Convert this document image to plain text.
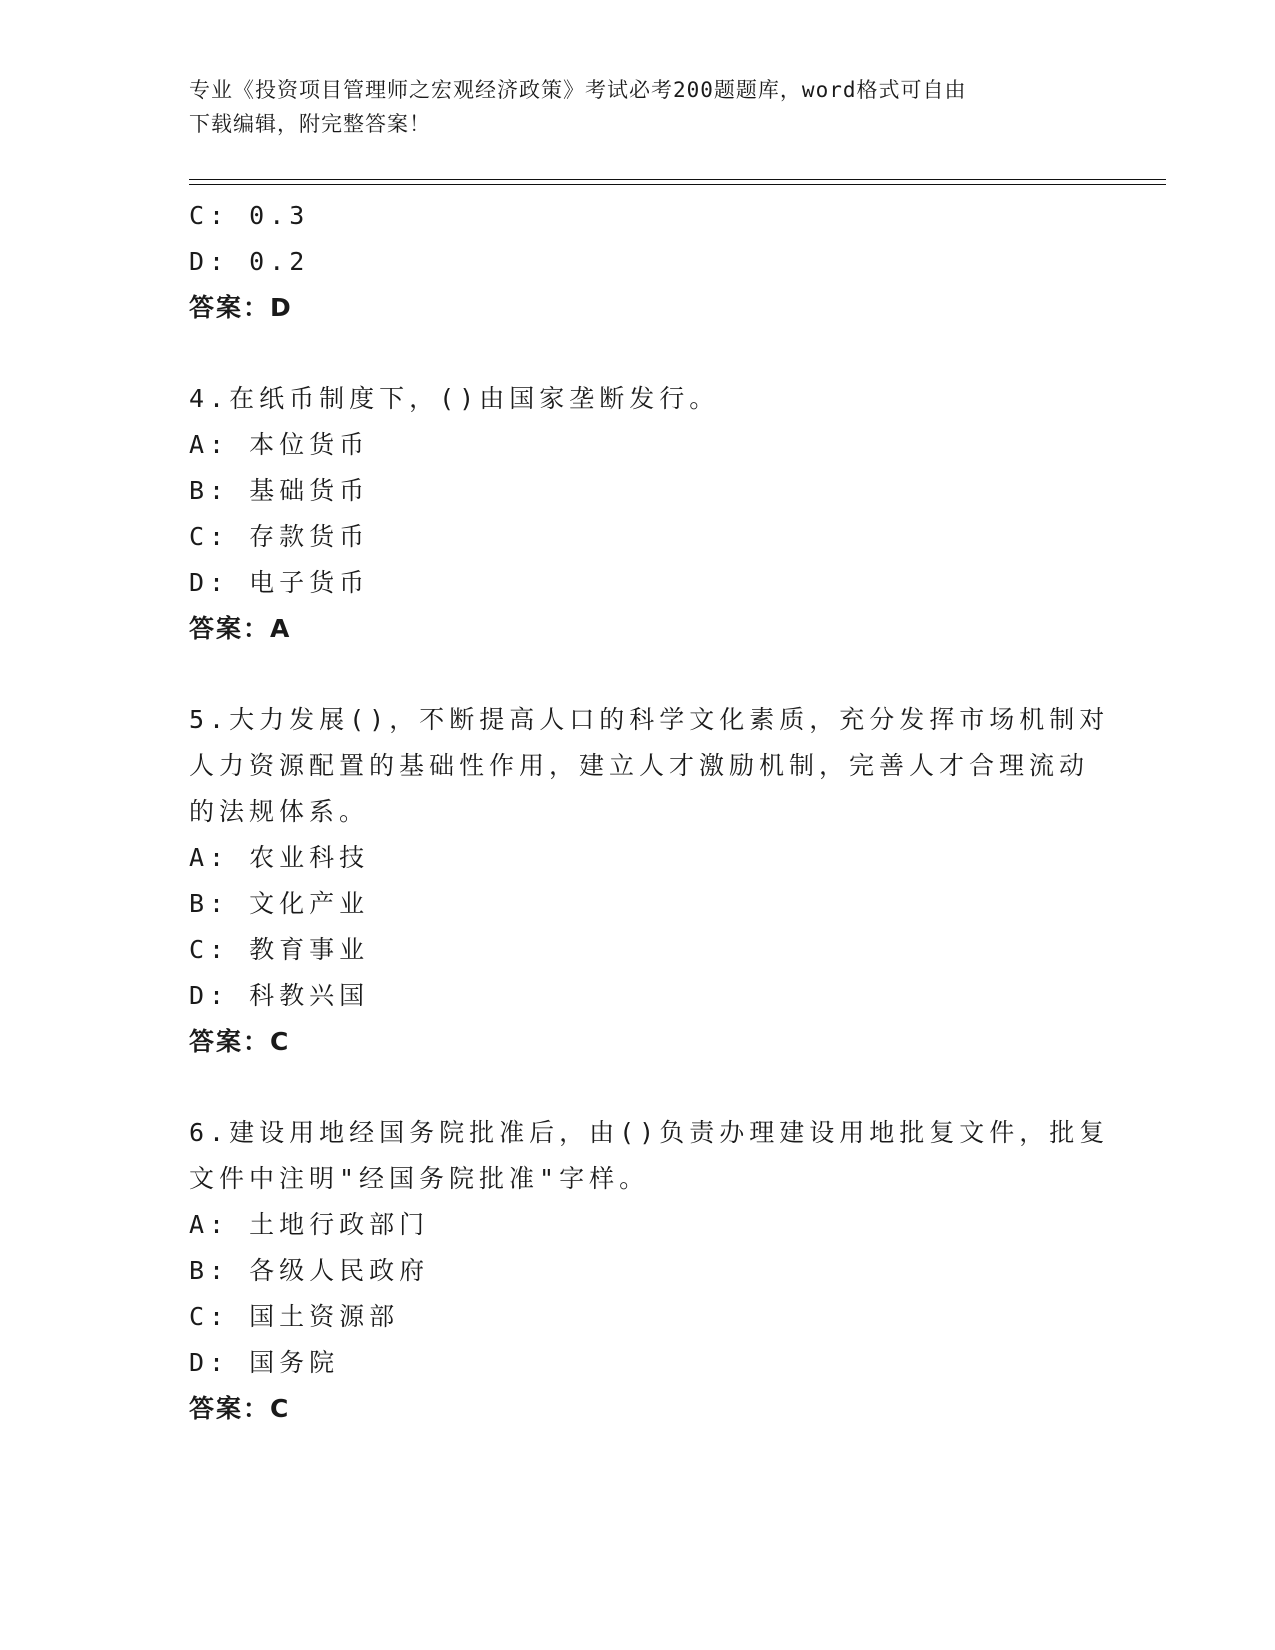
专业《投资项目管理师之宏观经济政策》考试必考200题题库，word格式可自由
下载编辑，附完整答案！
C: 0.3
D: 0.2
答案：D
4.在纸币制度下，()由国家垄断发行。
A: 本位货币
B: 基础货币
C: 存款货币
D: 电子货币
答案：A
5.大力发展()，不断提高人口的科学文化素质，充分发挥市场机制对
人力资源配置的基础性作用，建立人才激励机制，完善人才合理流动
的法规体系。
A: 农业科技
B: 文化产业
C: 教育事业
D: 科教兴国
答案：C
6.建设用地经国务院批准后，由()负责办理建设用地批复文件，批复
文件中注明"经国务院批准"字样。
A: 土地行政部门
B: 各级人民政府
C: 国土资源部
D: 国务院
答案：C
